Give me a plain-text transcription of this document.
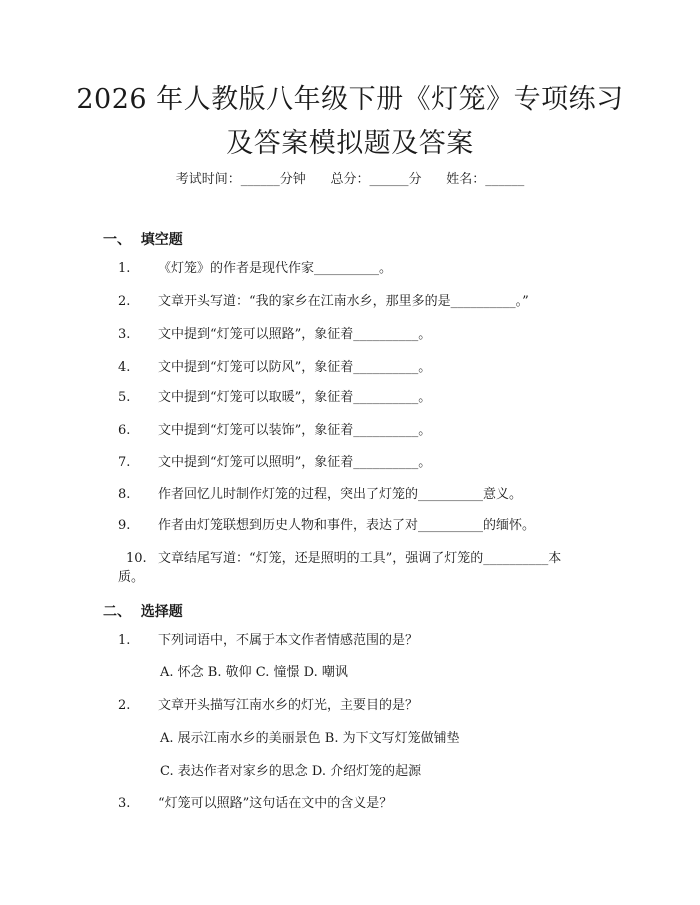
2026 年人教版八年级下册《灯笼》专项练习
及答案模拟题及答案
考试时间：______分钟      总分：______分      姓名：______
一、  填空题
1. 《灯笼》的作者是现代作家__________。
2. 文章开头写道：“我的家乡在江南水乡，那里多的是__________。”
3. 文中提到“灯笼可以照路”，象征着__________。
4. 文中提到“灯笼可以防风”，象征着__________。
5. 文中提到“灯笼可以取暖”，象征着__________。
6. 文中提到“灯笼可以装饰”，象征着__________。
7. 文中提到“灯笼可以照明”，象征着__________。
8. 作者回忆儿时制作灯笼的过程，突出了灯笼的__________意义。
9. 作者由灯笼联想到历史人物和事件，表达了对__________的缅怀。
10. 文章结尾写道：“灯笼，还是照明的工具”，强调了灯笼的__________本
质。
二、  选择题
1. 下列词语中，不属于本文作者情感范围的是？
A. 怀念 B. 敬仰 C. 憧憬 D. 嘲讽
2. 文章开头描写江南水乡的灯光，主要目的是？
A. 展示江南水乡的美丽景色 B. 为下文写灯笼做铺垫
C. 表达作者对家乡的思念 D. 介绍灯笼的起源
3. “灯笼可以照路”这句话在文中的含义是？
